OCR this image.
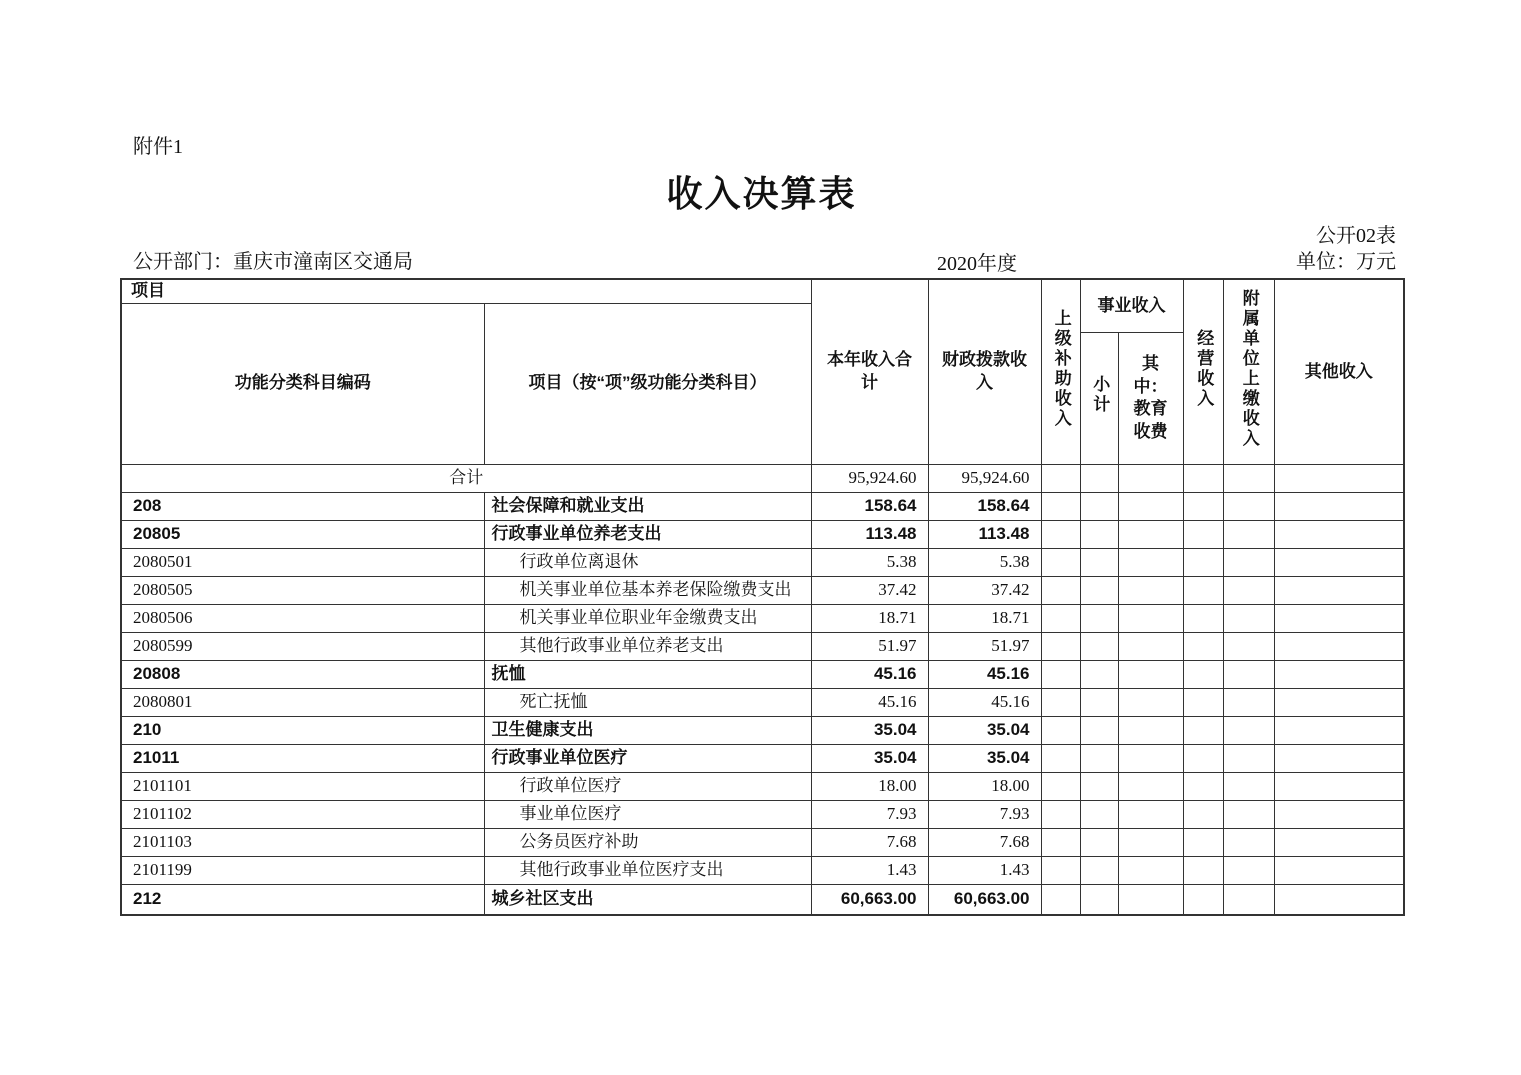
附件1
收入决算表
公开02表
公开部门：重庆市潼南区交通局	2020年度	单位：万元
项目		本年收入合计	财政拨款收入	上级补助收入	事业收入		经营收入	附属单位上缴收入	其他收入
功能分类科目编码	项目（按“项”级功能分类科目）								
					小计	其中：教育收费			
合计		95,924.60	95,924.60						
208	社会保障和就业支出	158.64	158.64						
20805	行政事业单位养老支出	113.48	113.48						
2080501	行政单位离退休	5.38	5.38						
2080505	机关事业单位基本养老保险缴费支出	37.42	37.42						
2080506	机关事业单位职业年金缴费支出	18.71	18.71						
2080599	其他行政事业单位养老支出	51.97	51.97						
20808	抚恤	45.16	45.16						
2080801	死亡抚恤	45.16	45.16						
210	卫生健康支出	35.04	35.04						
21011	行政事业单位医疗	35.04	35.04						
2101101	行政单位医疗	18.00	18.00						
2101102	事业单位医疗	7.93	7.93						
2101103	公务员医疗补助	7.68	7.68						
2101199	其他行政事业单位医疗支出	1.43	1.43						
212	城乡社区支出	60,663.00	60,663.00						
